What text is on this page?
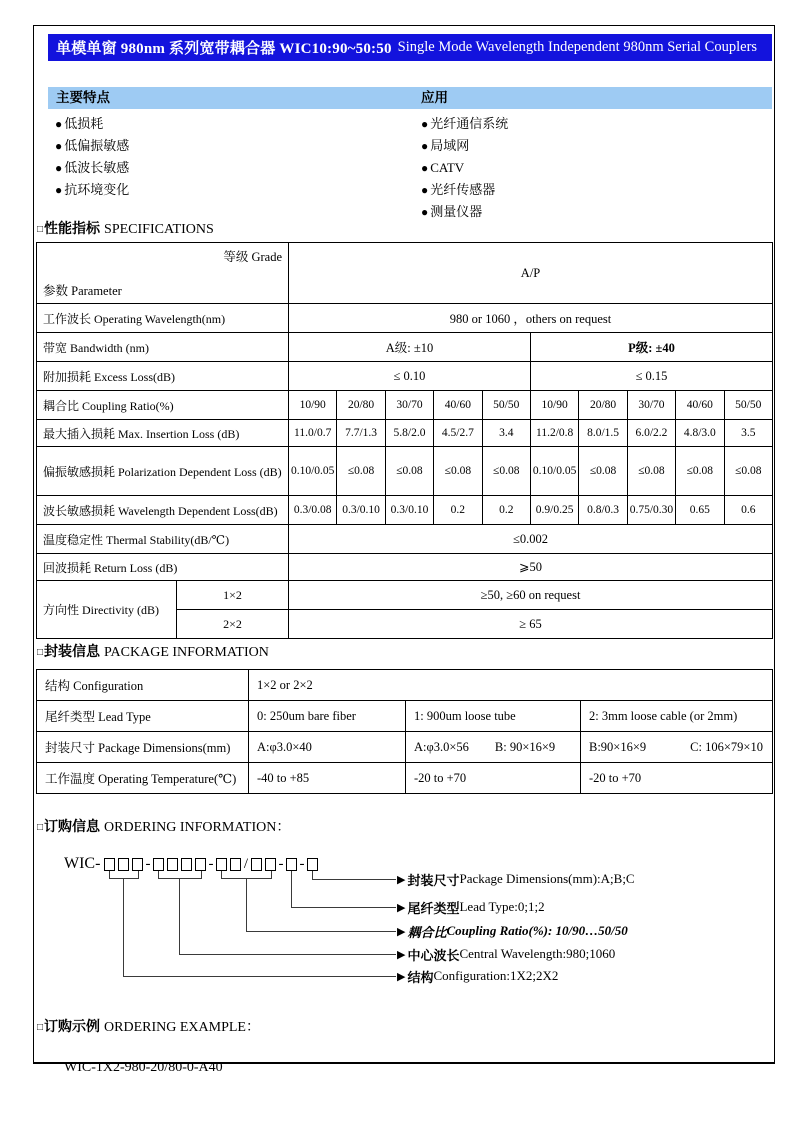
单模单窗 980nm 系列宽带耦合器 WIC10:90~50:50 Single Mode Wavelength Independent 980nm Serial Couplers
主要特点	应用
● 低损耗
● 低偏振敏感
● 低波长敏感
● 抗环境变化
● 光纤通信系统
● 局域网
● CATV
● 光纤传感器
● 测量仪器
□性能指标 SPECIFICATIONS
等级 Grade
参数 Parameter		A/P									
工作波长 Operating Wavelength(nm)		980 or 1060 ，others on request									
带宽 Bandwidth (nm)		A级: ±10					P级: ±40				
附加损耗 Excess Loss(dB)		≤ 0.10					≤ 0.15				
耦合比 Coupling Ratio(%)		10/90	20/80	30/70	40/60	50/50	10/90	20/80	30/70	40/60	50/50
最大插入损耗 Max. Insertion Loss (dB)		11.0/0.7	7.7/1.3	5.8/2.0	4.5/2.7	3.4	11.2/0.8	8.0/1.5	6.0/2.2	4.8/3.0	3.5
偏振敏感损耗 Polarization Dependent Loss (dB)		0.10/0.05	≤0.08	≤0.08	≤0.08	≤0.08	0.10/0.05	≤0.08	≤0.08	≤0.08	≤0.08
波长敏感损耗 Wavelength Dependent Loss(dB)		0.3/0.08	0.3/0.10	0.3/0.10	0.2	0.2	0.9/0.25	0.8/0.3	0.75/0.30	0.65	0.6
温度稳定性 Thermal Stability(dB/℃)		≤0.002									
回波损耗 Return Loss (dB)		⩾50									
方向性 Directivity (dB)	1×2	≥50, ≥60 on request									
	2×2	≥ 65									
□封装信息 PACKAGE INFORMATION
结构 Configuration	1×2 or 2×2		
尾纤类型 Lead Type	0: 250um bare fiber	1: 900um loose tube	2: 3mm loose cable (or 2mm)
封装尺寸 Package Dimensions(mm)	A:φ3.0×40	A:φ3.0×56 B: 90×16×9	B:90×16×9 C: 106×79×10

工作温度 Operating Temperature(℃)	-40 to +85	-20 to +70	-20 to +70
□订购信息 ORDERING INFORMATION：
WIC-	-	- / - -
▶ 封装尺寸 Package Dimensions(mm):A;B;C
▶ 尾纤类型 Lead Type:0;1;2
▶ 耦合比 Coupling Ratio(%): 10/90…50/50
▶ 中心波长 Central Wavelength:980;1060
▶ 结构 Configuration:1X2;2X2
□订购示例 ORDERING EXAMPLE：
WIC-1X2-980-20/80-0-A40
